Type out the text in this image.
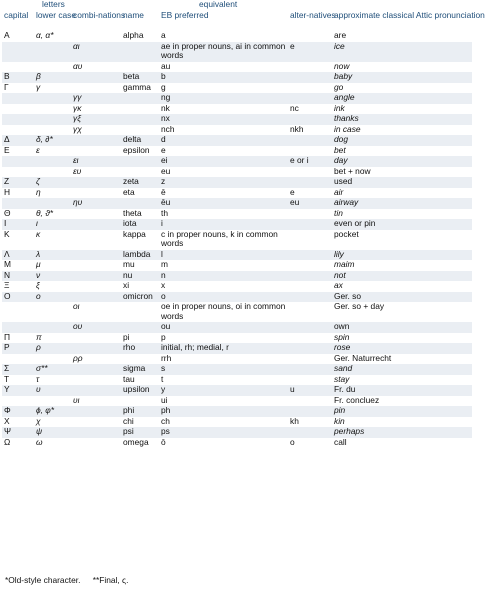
	letters			equivalent		
capital	lower case	combi-nations	name	EB preferred	alter-natives	approximate classical Attic pronunciation
Α	α, α*		alpha	a		are
		αι		ae in proper nouns, ai in common words	e	ice
		αυ		au		now
Β	β		beta	b		baby
Γ	γ		gamma	g		go
		γγ		ng		angle
		γκ		nk	nc	ink
		γξ		nx		thanks
		γχ		nch	nkh	in case
Δ	δ, ∂*		delta	d		dog
Ε	ε		epsilon	e		bet
		ει		ei	e or i	day
		ευ		eu		bet + now
Ζ	ζ		zeta	z		used
Η	η		eta	ē	e	air
		ηυ		ēu	eu	airway
Θ	θ, ϑ*		theta	th		tin
Ι	ι		iota	i		even or pin
Κ	κ		kappa	c in proper nouns, k in common words		pocket
Λ	λ		lambda	l		lily
Μ	μ		mu	m		maim
Ν	ν		nu	n		not
Ξ	ξ		xi	x		ax
Ο	ο		omicron	o		Ger. so
		οι		oe in proper nouns, oi in common words		Ger. so + day
		ου		ou		own
Π	π		pi	p		spin
Ρ	ρ		rho	initial, rh; medial, r		rose
		ρρ		rrh		Ger. Naturrecht
Σ	σ**		sigma	s		sand
Τ	τ		tau	t		stay
Υ	υ		upsilon	y	u	Fr. du
		υι		ui		Fr. concluez
Φ	ϕ, φ*		phi	ph		pin
Χ	χ		chi	ch	kh	kin
Ψ	ψ		psi	ps		perhaps
Ω	ω		omega	ō	o	call
*Old-style character. **Final, ς.
